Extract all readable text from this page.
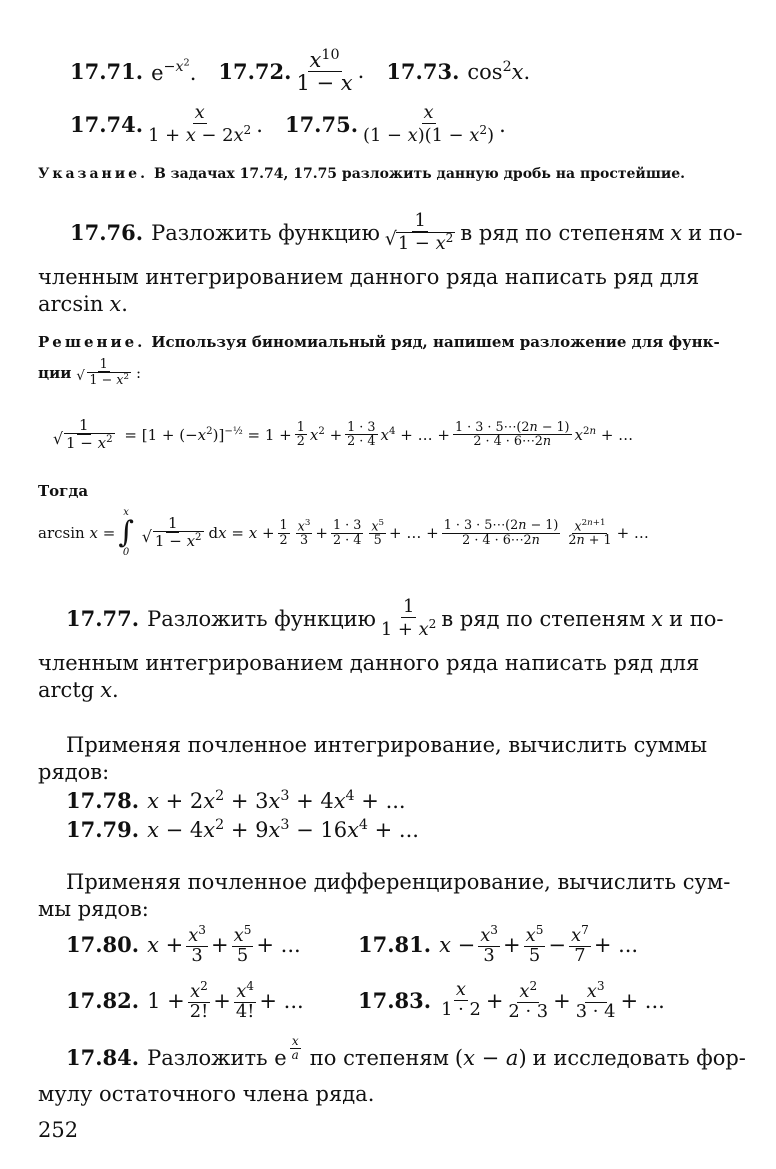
17.71. $e^{-x^2}$. 17.72. $\frac{x^{10}}{1 - x}$ . 17.73. $\cos^2x$.
17.74. $\frac{x}{1 + x - 2x^2}$ . 17.75. $\frac{x}{(1 - x)(1 - x^2)}$ .
Указание. В задачах 17.74, 17.75 разложить данную дробь на простейшие.
17.76. Разложить функцию 1
√ $1 - x^2$ в ряд по степеням x и по-
членным интегрированием данного ряда написать ряд для
arcsin x.
Решение. Используя биномиальный ряд, напишем разложение для функ-
ции 1
√ $1 - x^2$ :
1
√ $1 - x^2 = [1 + (-x^2)]^{-\frac{1}{2}} = 1 + \frac{1}{2} x^2 + \frac{1 \cdot 3}{2 \cdot 4} x^4$ + … + $\frac{1 \cdot 3 \cdot 5\cdots(2n - 1)}{2 \cdot 4 \cdot 6\cdots 2n} x^{2n}$ + …
Тогда
arcsin x =
x
∫
0
1
√ $1 - x^2$ dx = $x + \frac{1}{2} \frac{x^3}{3} + \frac{1 \cdot 3}{2 \cdot 4} \frac{x^5}{5}$ + … + $\frac{1 \cdot 3 \cdot 5\cdots(2n - 1)}{2 \cdot 4 \cdot 6\cdots 2n} \frac{x^{2n+1}}{2n + 1}$ + …
17.77. Разложить функцию $\frac{1}{1 + x^2}$ в ряд по степеням x и по-
членным интегрированием данного ряда написать ряд для
arctg x.
Применяя почленное интегрирование, вычислить суммы
рядов:
17.78. $x + 2x^2 + 3x^3 + 4x^4$ + ...
17.79. $x - 4x^2 + 9x^3 - 16x^4$ + ...
Применяя почленное дифференцирование, вычислить сум-
мы рядов:
17.80. $x + \frac{x^3}{3} + \frac{x^5}{5}$ + ...	17.81. $x - \frac{x^3}{3} + \frac{x^5}{5} - \frac{x^7}{7}$ + ...
17.82. $1 + \frac{x^2}{2!} + \frac{x^4}{4!}$ + ...	17.83. $\frac{x}{1 \cdot 2} + \frac{x^2}{2 \cdot 3} + \frac{x^3}{3 \cdot 4}$ + ...
17.84. Разложить e $\frac{x}{a}$ по степеням (x − a) и исследовать фор-
мулу остаточного члена ряда.
252
